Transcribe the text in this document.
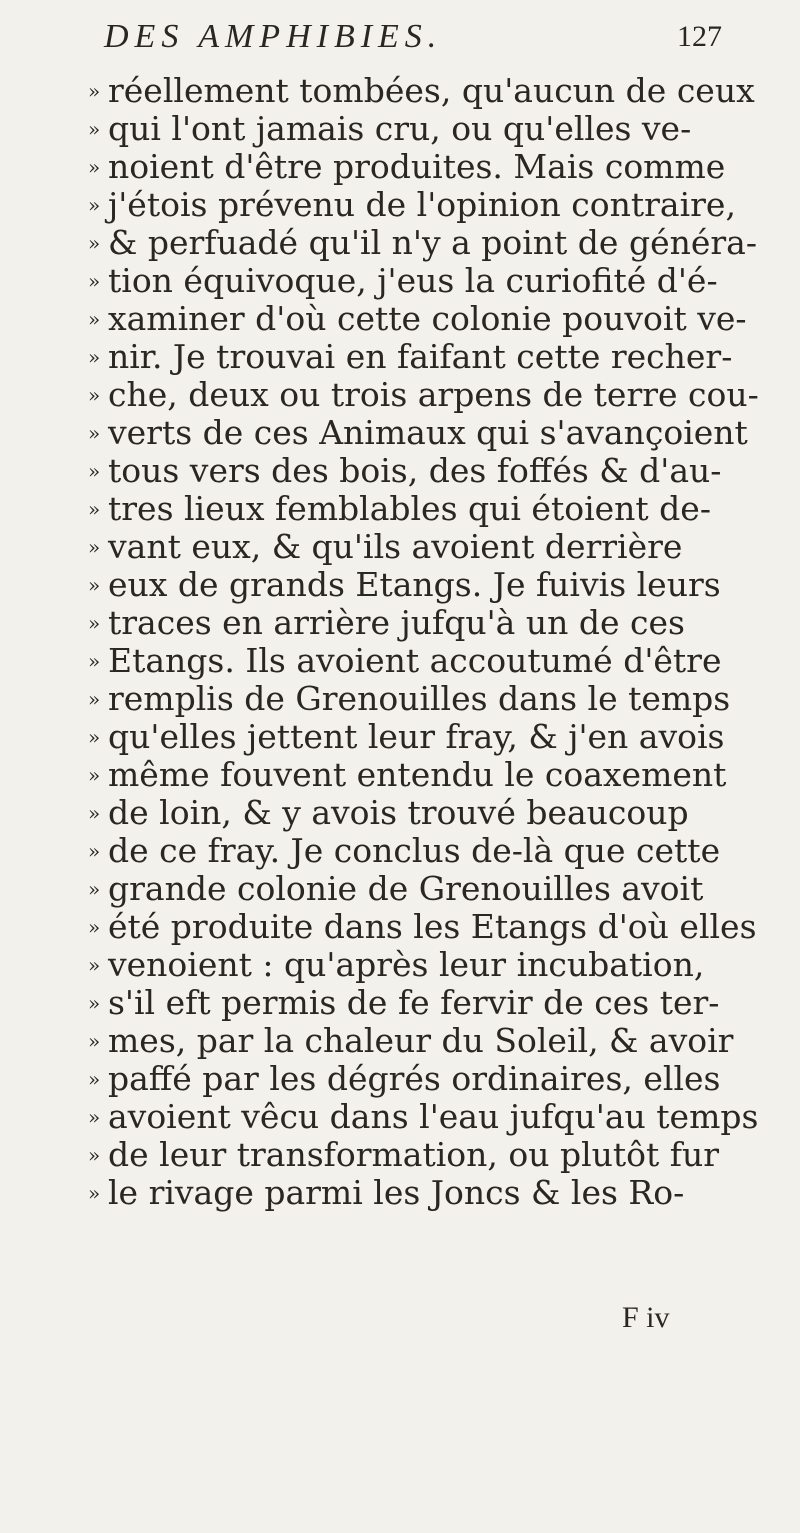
DES AMPHIBIES.	127
» réellement tombées, qu'aucun de ceux
» qui l'ont jamais cru, ou qu'elles ve-
» noient d'être produites. Mais comme
» j'étois prévenu de l'opinion contraire,
» & perfuadé qu'il n'y a point de généra-
» tion équivoque, j'eus la curiofité d'é-
» xaminer d'où cette colonie pouvoit ve-
» nir. Je trouvai en faifant cette recher-
» che, deux ou trois arpens de terre cou-
» verts de ces Animaux qui s'avançoient
» tous vers des bois, des foffés & d'au-
» tres lieux femblables qui étoient de-
» vant eux, & qu'ils avoient derrière
» eux de grands Etangs. Je fuivis leurs
» traces en arrière jufqu'à un de ces
» Etangs. Ils avoient accoutumé d'être
» remplis de Grenouilles dans le temps
» qu'elles jettent leur fray, & j'en avois
» même fouvent entendu le coaxement
» de loin, & y avois trouvé beaucoup
» de ce fray. Je conclus de-là que cette
» grande colonie de Grenouilles avoit
» été produite dans les Etangs d'où elles
» venoient : qu'après leur incubation,
» s'il eft permis de fe fervir de ces ter-
» mes, par la chaleur du Soleil, & avoir
» paffé par les dégrés ordinaires, elles
» avoient vêcu dans l'eau jufqu'au temps
» de leur transformation, ou plutôt fur
» le rivage parmi les Joncs & les Ro-
F iv
